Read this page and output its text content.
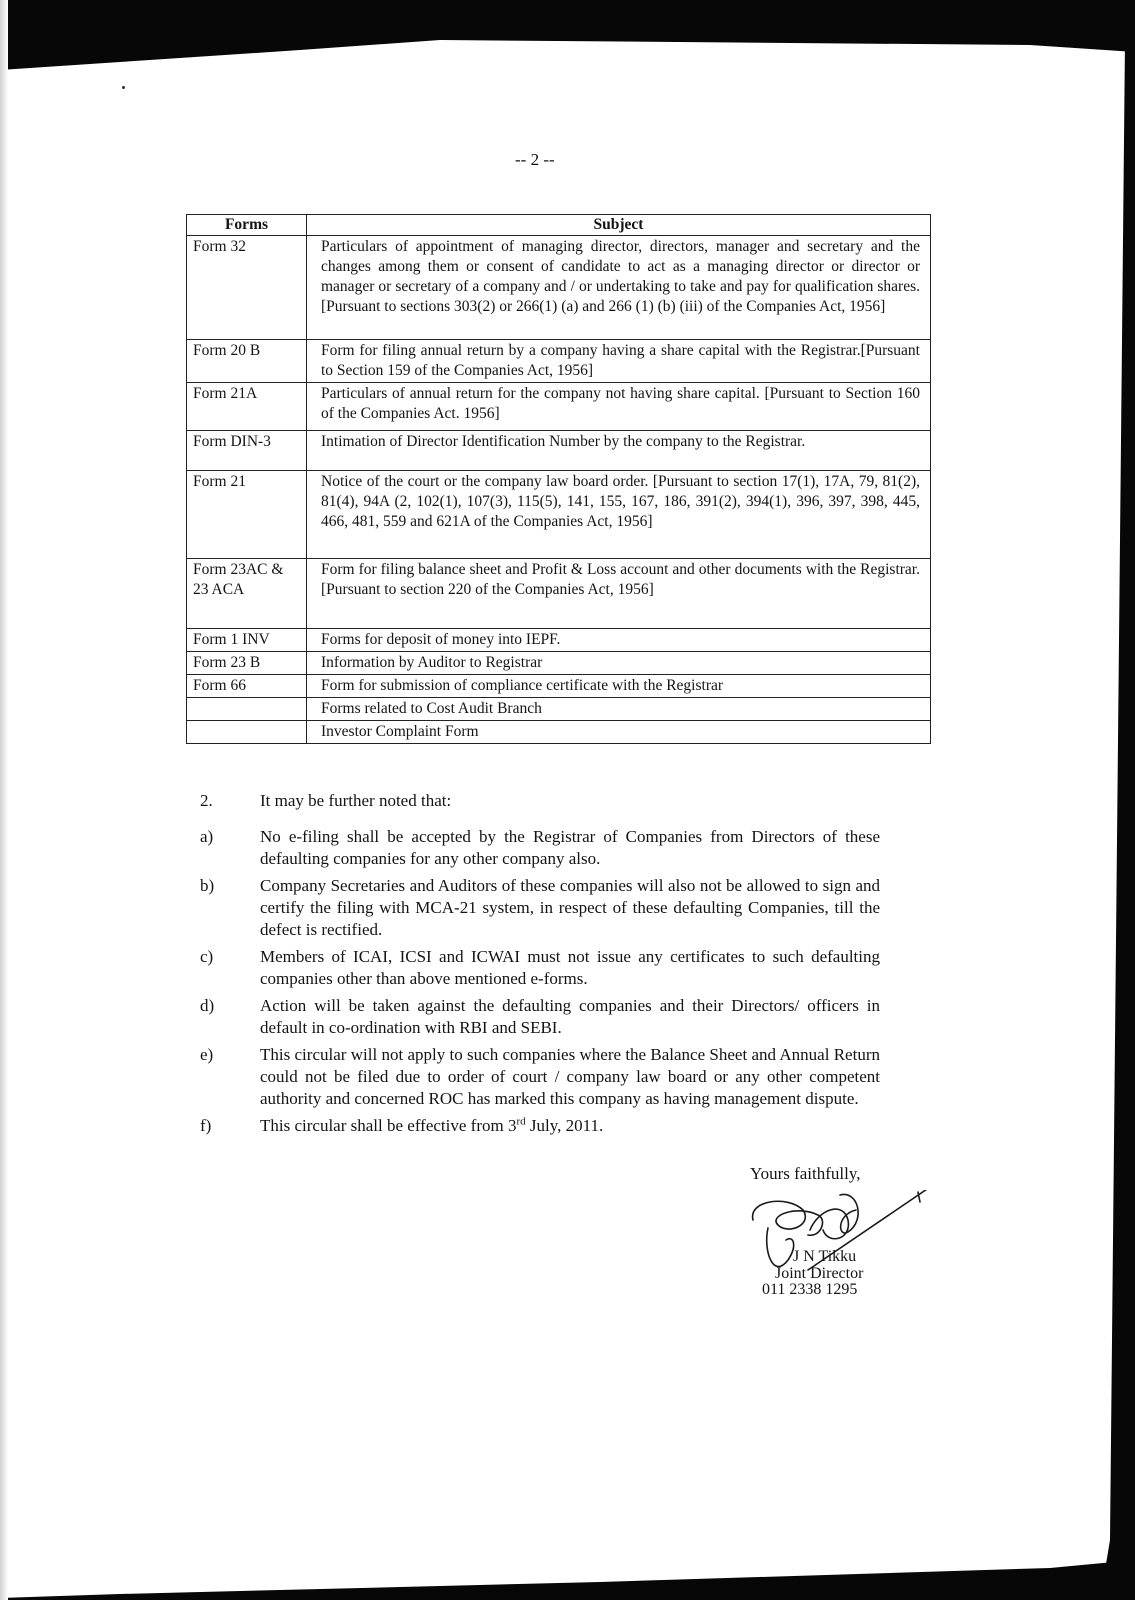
-- 2 --
Forms	Subject
Form 32	Particulars of appointment of managing director, directors, manager and secretary and the changes among them or consent of candidate to act as a managing director or director or manager or secretary of a company and / or undertaking to take and pay for qualification shares. [Pursuant to sections 303(2) or 266(1) (a) and 266 (1) (b) (iii) of the Companies Act, 1956]
Form 20 B	Form for filing annual return by a company having a share capital with the Registrar.[Pursuant to Section 159 of the Companies Act, 1956]
Form 21A	Particulars of annual return for the company not having share capital. [Pursuant to Section 160 of the Companies Act. 1956]
Form DIN-3	Intimation of Director Identification Number by the company to the Registrar.
Form 21	Notice of the court or the company law board order. [Pursuant to section 17(1), 17A, 79, 81(2), 81(4), 94A (2, 102(1), 107(3), 115(5), 141, 155, 167, 186, 391(2), 394(1), 396, 397, 398, 445, 466, 481, 559 and 621A of the Companies Act, 1956]
Form 23AC & 23 ACA	Form for filing balance sheet and Profit & Loss account and other documents with the Registrar. [Pursuant to section 220 of the Companies Act, 1956]
Form 1 INV	Forms for deposit of money into IEPF.
Form 23 B	Information by Auditor to Registrar
Form 66	Form for submission of compliance certificate with the Registrar
	Forms related to Cost Audit Branch
	Investor Complaint Form
2.	It may be further noted that:
a)	No e-filing shall be accepted by the Registrar of Companies from Directors of these defaulting companies for any other company also.
b)	Company Secretaries and Auditors of these companies will also not be allowed to sign and certify the filing with MCA-21 system, in respect of these defaulting Companies, till the defect is rectified.
c)	Members of ICAI, ICSI and ICWAI must not issue any certificates to such defaulting companies other than above mentioned e-forms.
d)	Action will be taken against the defaulting companies and their Directors/ officers in default in co-ordination with RBI and SEBI.
e)	This circular will not apply to such companies where the Balance Sheet and Annual Return could not be filed due to order of court / company law board or any other competent authority and concerned ROC has marked this company as having management dispute.
f)	This circular shall be effective from 3rd July, 2011.
Yours faithfully,
J N Tikku
Joint Director
011 2338 1295
